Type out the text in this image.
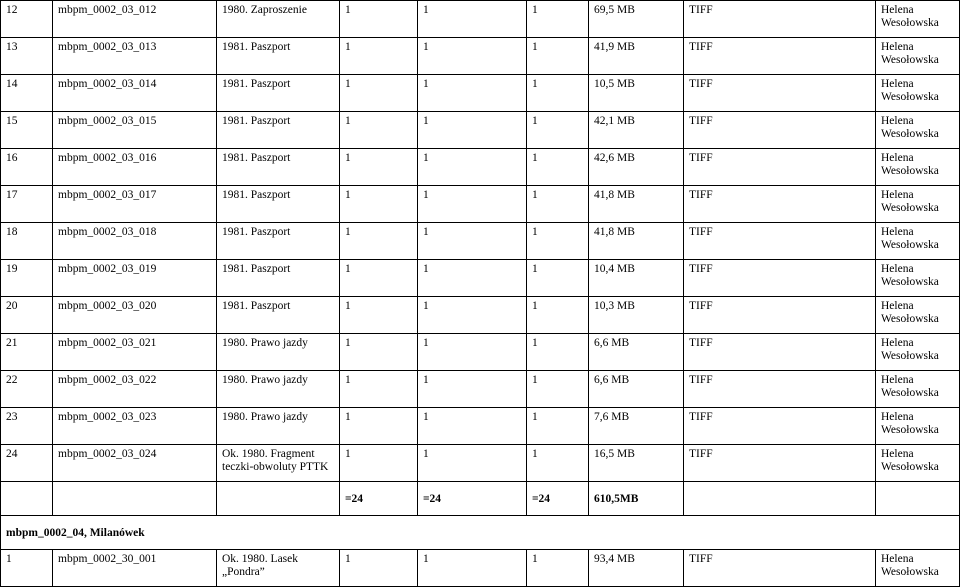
12	mbpm_0002_03_012	1980. Zaproszenie	1	1	1	69,5 MB	TIFF	Helena Wesołowska
13	mbpm_0002_03_013	1981. Paszport	1	1	1	41,9 MB	TIFF	Helena Wesołowska
14	mbpm_0002_03_014	1981. Paszport	1	1	1	10,5 MB	TIFF	Helena Wesołowska
15	mbpm_0002_03_015	1981. Paszport	1	1	1	42,1 MB	TIFF	Helena Wesołowska
16	mbpm_0002_03_016	1981. Paszport	1	1	1	42,6 MB	TIFF	Helena Wesołowska
17	mbpm_0002_03_017	1981. Paszport	1	1	1	41,8 MB	TIFF	Helena Wesołowska
18	mbpm_0002_03_018	1981. Paszport	1	1	1	41,8 MB	TIFF	Helena Wesołowska
19	mbpm_0002_03_019	1981. Paszport	1	1	1	10,4 MB	TIFF	Helena Wesołowska
20	mbpm_0002_03_020	1981. Paszport	1	1	1	10,3 MB	TIFF	Helena Wesołowska
21	mbpm_0002_03_021	1980. Prawo jazdy	1	1	1	6,6 MB	TIFF	Helena Wesołowska
22	mbpm_0002_03_022	1980. Prawo jazdy	1	1	1	6,6 MB	TIFF	Helena Wesołowska
23	mbpm_0002_03_023	1980. Prawo jazdy	1	1	1	7,6 MB	TIFF	Helena Wesołowska
24	mbpm_0002_03_024	Ok. 1980. Fragment teczki-obwoluty PTTK	1	1	1	16,5 MB	TIFF	Helena Wesołowska
			=24	=24	=24	610,5MB		
mbpm_0002_04, Milanówek								
1	mbpm_0002_30_001	Ok. 1980. Lasek „Pondra”	1	1	1	93,4 MB	TIFF	Helena Wesołowska
